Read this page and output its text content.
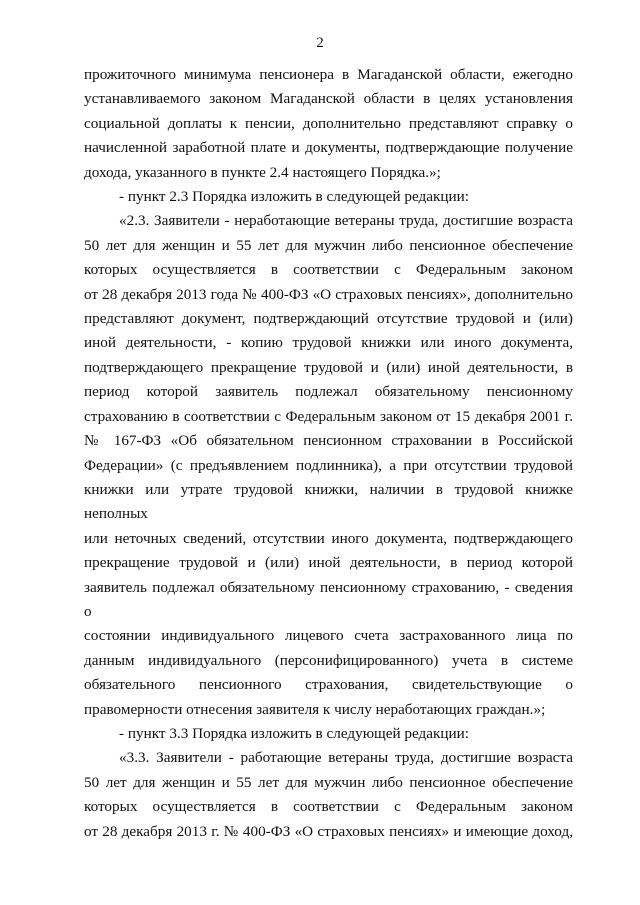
2
прожиточного минимума пенсионера в Магаданской области, ежегодно
устанавливаемого законом Магаданской области в целях установления
социальной доплаты к пенсии, дополнительно представляют справку о
начисленной заработной плате и документы, подтверждающие получение
дохода, указанного в пункте 2.4 настоящего Порядка.»;
- пункт 2.3 Порядка изложить в следующей редакции:
«2.3. Заявители - неработающие ветераны труда, достигшие возраста
50 лет для женщин и 55 лет для мужчин либо пенсионное обеспечение
которых осуществляется в соответствии с Федеральным законом
от 28 декабря 2013 года № 400-ФЗ «О страховых пенсиях», дополнительно
представляют документ, подтверждающий отсутствие трудовой и (или)
иной деятельности, - копию трудовой книжки или иного документа,
подтверждающего прекращение трудовой и (или) иной деятельности, в
период которой заявитель подлежал обязательному пенсионному
страхованию в соответствии с Федеральным законом от 15 декабря 2001 г.
№ 167-ФЗ «Об обязательном пенсионном страховании в Российской
Федерации» (с предъявлением подлинника), а при отсутствии трудовой
книжки или утрате трудовой книжки, наличии в трудовой книжке неполных
или неточных сведений, отсутствии иного документа, подтверждающего
прекращение трудовой и (или) иной деятельности, в период которой
заявитель подлежал обязательному пенсионному страхованию, - сведения о
состоянии индивидуального лицевого счета застрахованного лица по
данным индивидуального (персонифицированного) учета в системе
обязательного пенсионного страхования, свидетельствующие о
правомерности отнесения заявителя к числу неработающих граждан.»;
- пункт 3.3 Порядка изложить в следующей редакции:
«3.3. Заявители - работающие ветераны труда, достигшие возраста
50 лет для женщин и 55 лет для мужчин либо пенсионное обеспечение
которых осуществляется в соответствии с Федеральным законом
от 28 декабря 2013 г. № 400-ФЗ «О страховых пенсиях» и имеющие доход,
